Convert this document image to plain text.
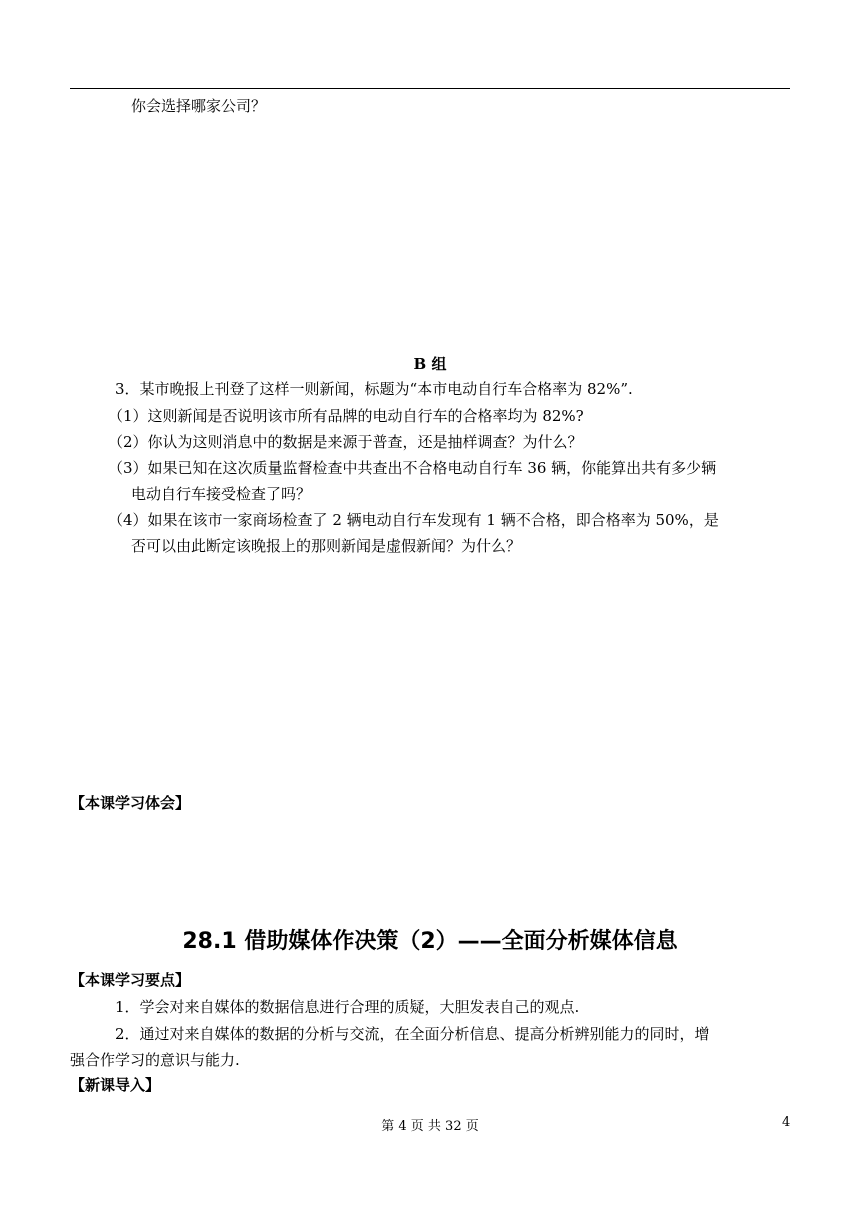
你会选择哪家公司？
B 组
3．某市晚报上刊登了这样一则新闻，标题为“本市电动自行车合格率为 82%”.
（1）这则新闻是否说明该市所有品牌的电动自行车的合格率均为 82%?
（2）你认为这则消息中的数据是来源于普查，还是抽样调查？为什么？
（3）如果已知在这次质量监督检查中共查出不合格电动自行车 36 辆，你能算出共有多少辆
电动自行车接受检查了吗？
（4）如果在该市一家商场检查了 2 辆电动自行车发现有 1 辆不合格，即合格率为 50%，是
否可以由此断定该晚报上的那则新闻是虚假新闻？为什么？
【本课学习体会】
28.1 借助媒体作决策（2）——全面分析媒体信息
【本课学习要点】
1．学会对来自媒体的数据信息进行合理的质疑，大胆发表自己的观点.
2．通过对来自媒体的数据的分析与交流，在全面分析信息、提高分析辨别能力的同时，增
强合作学习的意识与能力.
【新课导入】
第 4 页 共 32 页	4
